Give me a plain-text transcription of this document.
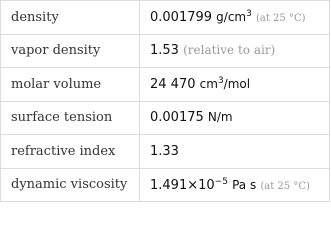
density	0.001799 $g/cm^3$ (at 25 °C)
vapor density	1.53 (relative to air)
molar volume	24 470 $cm^3$/mol
surface tension	0.00175 N/m
refractive index	1.33
dynamic viscosity	$1.491\times 10^{-5}$ Pa s (at 25 °C)
